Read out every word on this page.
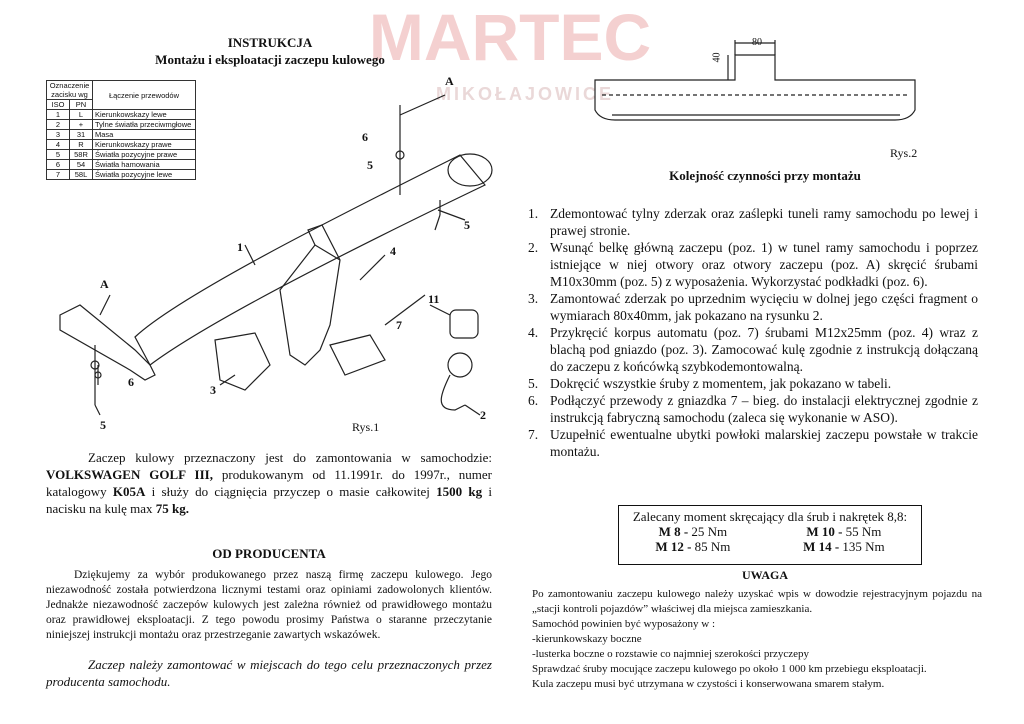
MARTEC
MIKOŁAJOWICE
INSTRUKCJA
Montażu i eksploatacji zaczepu kulowego
Oznaczenie zacisku wg		Łączenie przewodów
ISO	PN	
1	L	Kierunkowskazy lewe
2	+	Tylne światła przeciwmgłowe
3	31	Masa
4	R	Kierunkowskazy prawe
5	58R	Światła pozycyjne prawe
6	54	Światła hamowania
7	58L	Światła pozycyjne lewe
A
A
1
2
3
4
5
5
5
6
6
7
11
Rys.1
80
40
Rys.2

Zaczep kulowy przeznaczony jest do zamontowania w samochodzie: VOLKSWAGEN GOLF III, produkowanym od 11.1991r. do 1997r., numer katalogowy K05A i służy do ciągnięcia przyczep o masie całkowitej 1500 kg i nacisku na kulę max 75 kg.

OD PRODUCENTA

Dziękujemy za wybór produkowanego przez naszą firmę zaczepu kulowego. Jego niezawodność została potwierdzona licznymi testami oraz opiniami zadowolonych klientów. Jednakże niezawodność zaczepów kulowych jest zależna również od prawidłowego montażu oraz prawidłowej eksploatacji. Z tego powodu prosimy Państwa o staranne przeczytanie niniejszej instrukcji montażu oraz przestrzeganie zawartych wskazówek.

Zaczep należy zamontować w miejscach do tego celu przeznaczonych przez producenta samochodu.

Kolejność czynności przy montażu
1. Zdemontować tylny zderzak oraz zaślepki tuneli ramy samochodu po lewej i prawej stronie.
2. Wsunąć belkę główną zaczepu (poz. 1) w tunel ramy samochodu i poprzez istniejące w niej otwory oraz otwory zaczepu (poz. A) skręcić śrubami M10x30mm (poz. 5) z wyposażenia. Wykorzystać podkładki (poz. 6).
3. Zamontować zderzak po uprzednim wycięciu w dolnej jego części fragment o wymiarach 80x40mm, jak pokazano na rysunku 2.
4. Przykręcić korpus automatu (poz. 7) śrubami M12x25mm (poz. 4) wraz z blachą pod gniazdo (poz. 3). Zamocować kulę zgodnie z instrukcją dołączaną do zaczepu z końcówką szybkodemontowalną.
5. Dokręcić wszystkie śruby z momentem, jak pokazano w tabeli.
6. Podłączyć przewody z gniazdka 7 – bieg. do instalacji elektrycznej zgodnie z instrukcją fabryczną samochodu (zaleca się wykonanie w ASO).
7. Uzupełnić ewentualne ubytki powłoki malarskiej zaczepu powstałe w trakcie montażu.
Zalecany moment skręcający dla śrub i nakrętek 8,8:
M 8 - 25 Nm	M 10 - 55 Nm
M 12 - 85 Nm	M 14 - 135 Nm
UWAGA

Po zamontowaniu zaczepu kulowego należy uzyskać wpis w dowodzie rejestracyjnym pojazdu na „stacji kontroli pojazdów” właściwej dla miejsca zamieszkania.

Samochód powinien być wyposażony w :

-kierunkowskazy boczne

-lusterka boczne o rozstawie co najmniej szerokości przyczepy

Sprawdzać śruby mocujące zaczepu kulowego po około 1 000 km przebiegu eksploatacji.

Kula zaczepu musi być utrzymana w czystości i konserwowana smarem stałym.
